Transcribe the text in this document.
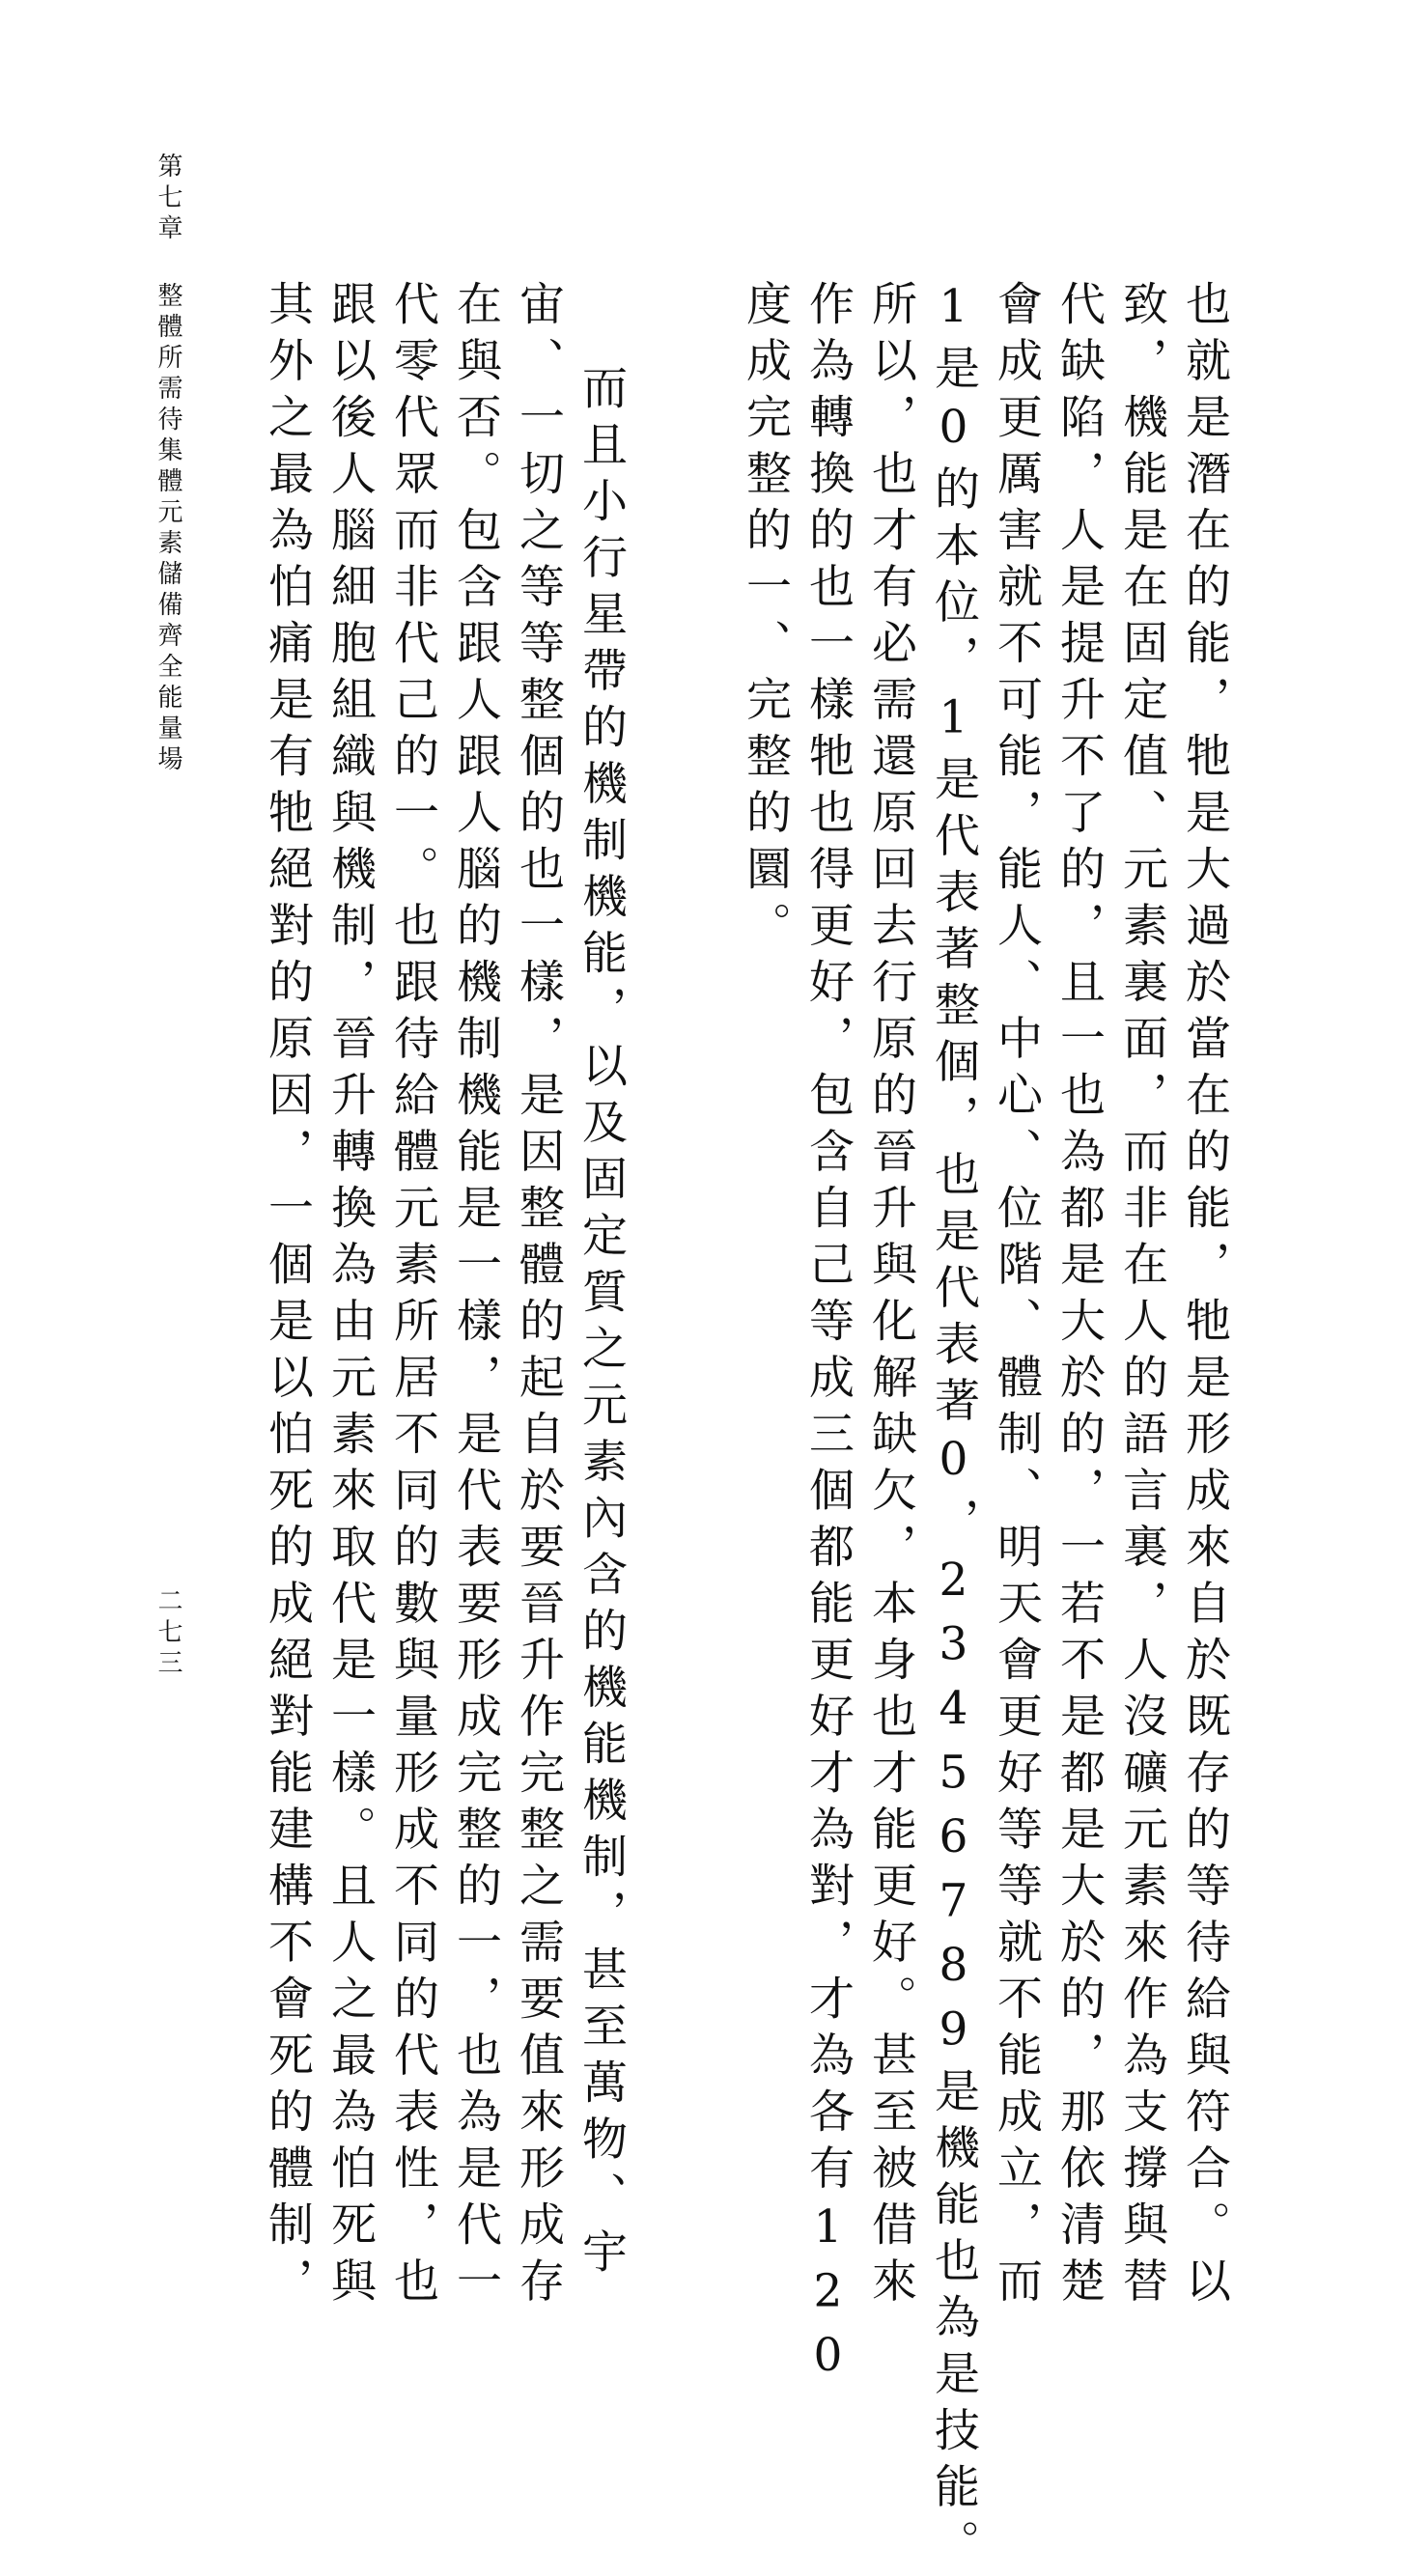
第七章
整體所需待集體元素儲備齊全能量場
二七三	也就是潛在的能，牠是大過於當在的能，牠是形成來自於既存的等待給與符合。以
致，機能是在固定值、元素裏面，而非在人的語言裏，人沒礦元素來作為支撐與替
代缺陷，人是提升不了的，且一也為都是大於的，一若不是都是大於的，那依清楚
會成更厲害就不可能，能人、中心、位階、體制、明天會更好等等就不能成立，而
1是0的本位，1是代表著整個，也是代表著0，23456789是機能也為是技能。
所以，也才有必需還原回去行原的晉升與化解缺欠，本身也才能更好。甚至被借來
作為轉換的也一樣牠也得更好，包含自己等成三個都能更好才為對，才為各有120
度成完整的一、完整的圜。
而且小行星帶的機制機能，以及固定質之元素內含的機能機制，甚至萬物、宇
宙、一切之等等整個的也一樣，是因整體的起自於要晉升作完整之需要值來形成存
在與否。包含跟人跟人腦的機制機能是一樣，是代表要形成完整的一，也為是代一
代零代眾而非代己的一。也跟待給體元素所居不同的數與量形成不同的代表性，也
跟以後人腦細胞組織與機制，晉升轉換為由元素來取代是一樣。且人之最為怕死與
其外之最為怕痛是有牠絕對的原因，一個是以怕死的成絕對能建構不會死的體制，
